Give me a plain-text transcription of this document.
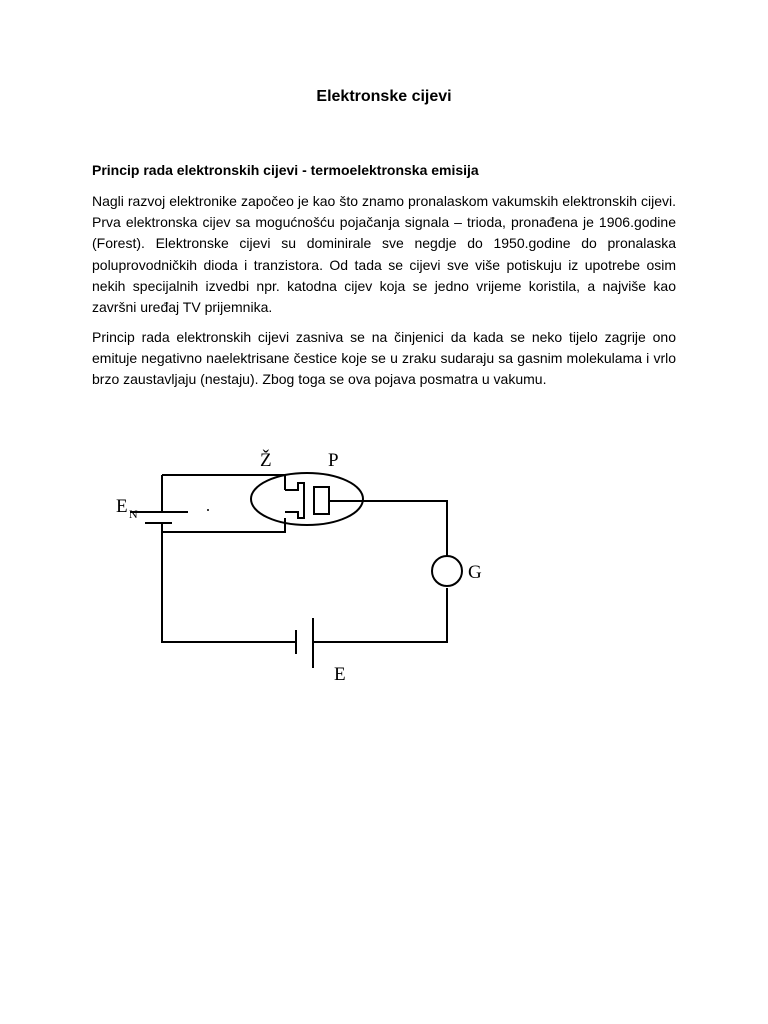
Elektronske cijevi
Princip rada elektronskih cijevi - termoelektronska emisija

Nagli razvoj elektronike započeo je kao što znamo pronalaskom vakumskih elektronskih cijevi. Prva elektronska cijev sa mogućnošću pojačanja signala – trioda, pronađena je 1906.godine (Forest). Elektronske cijevi su dominirale sve negdje do 1950.godine do pronalaska poluprovodničkih dioda i tranzistora. Od tada se cijevi sve više potiskuju iz upotrebe osim nekih specijalnih izvedbi npr. katodna cijev koja se jedno vrijeme koristila, a najviše kao završni uređaj TV prijemnika.

Princip rada elektronskih cijevi zasniva se na činjenici da kada se neko tijelo zagrije ono emituje negativno naelektrisane čestice koje se u zraku sudaraju sa gasnim molekulama i vrlo brzo zaustavljaju (nestaju). Zbog toga se ova pojava posmatra u vakumu.

Ž	P
E N
G
E
